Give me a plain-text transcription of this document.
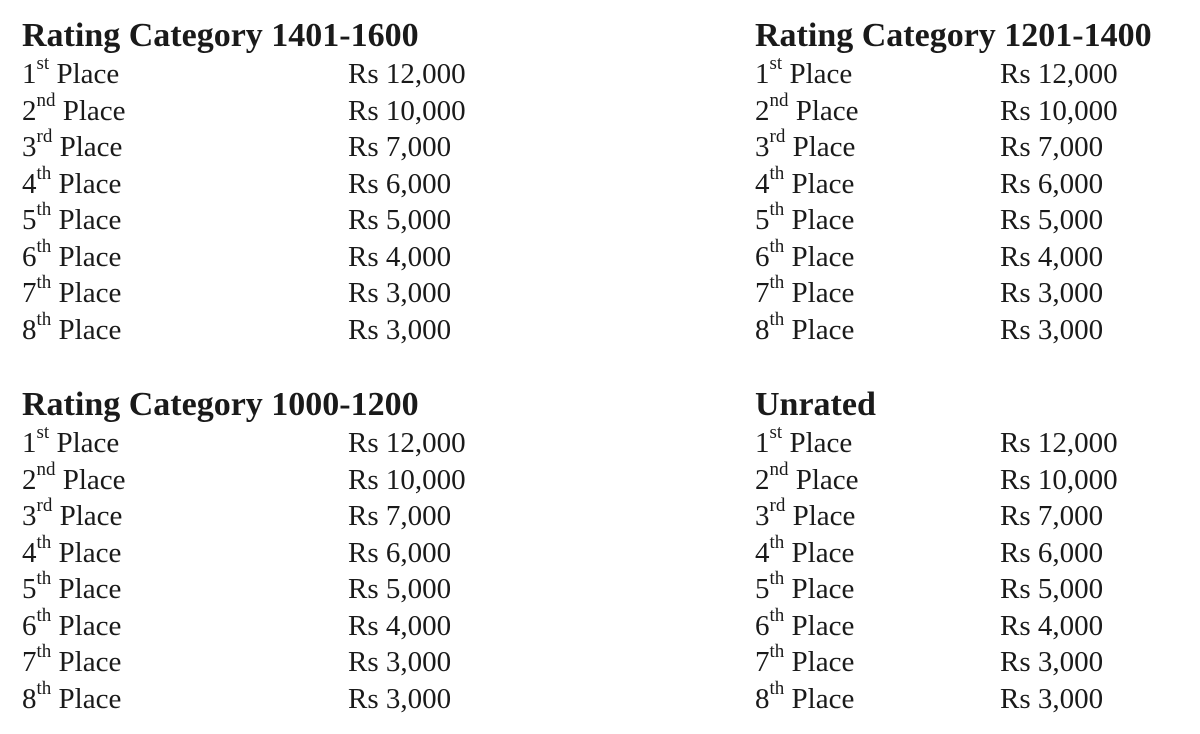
Rating Category 1401-1600
1st Place	Rs 12,000
2nd Place	Rs 10,000
3rd Place	Rs 7,000
4th Place	Rs 6,000
5th Place	Rs 5,000
6th Place	Rs 4,000
7th Place	Rs 3,000
8th Place	Rs 3,000
Rating Category 1201-1400
1st Place	Rs 12,000
2nd Place	Rs 10,000
3rd Place	Rs 7,000
4th Place	Rs 6,000
5th Place	Rs 5,000
6th Place	Rs 4,000
7th Place	Rs 3,000
8th Place	Rs 3,000
Rating Category 1000-1200
1st Place	Rs 12,000
2nd Place	Rs 10,000
3rd Place	Rs 7,000
4th Place	Rs 6,000
5th Place	Rs 5,000
6th Place	Rs 4,000
7th Place	Rs 3,000
8th Place	Rs 3,000
Unrated
1st Place	Rs 12,000
2nd Place	Rs 10,000
3rd Place	Rs 7,000
4th Place	Rs 6,000
5th Place	Rs 5,000
6th Place	Rs 4,000
7th Place	Rs 3,000
8th Place	Rs 3,000
